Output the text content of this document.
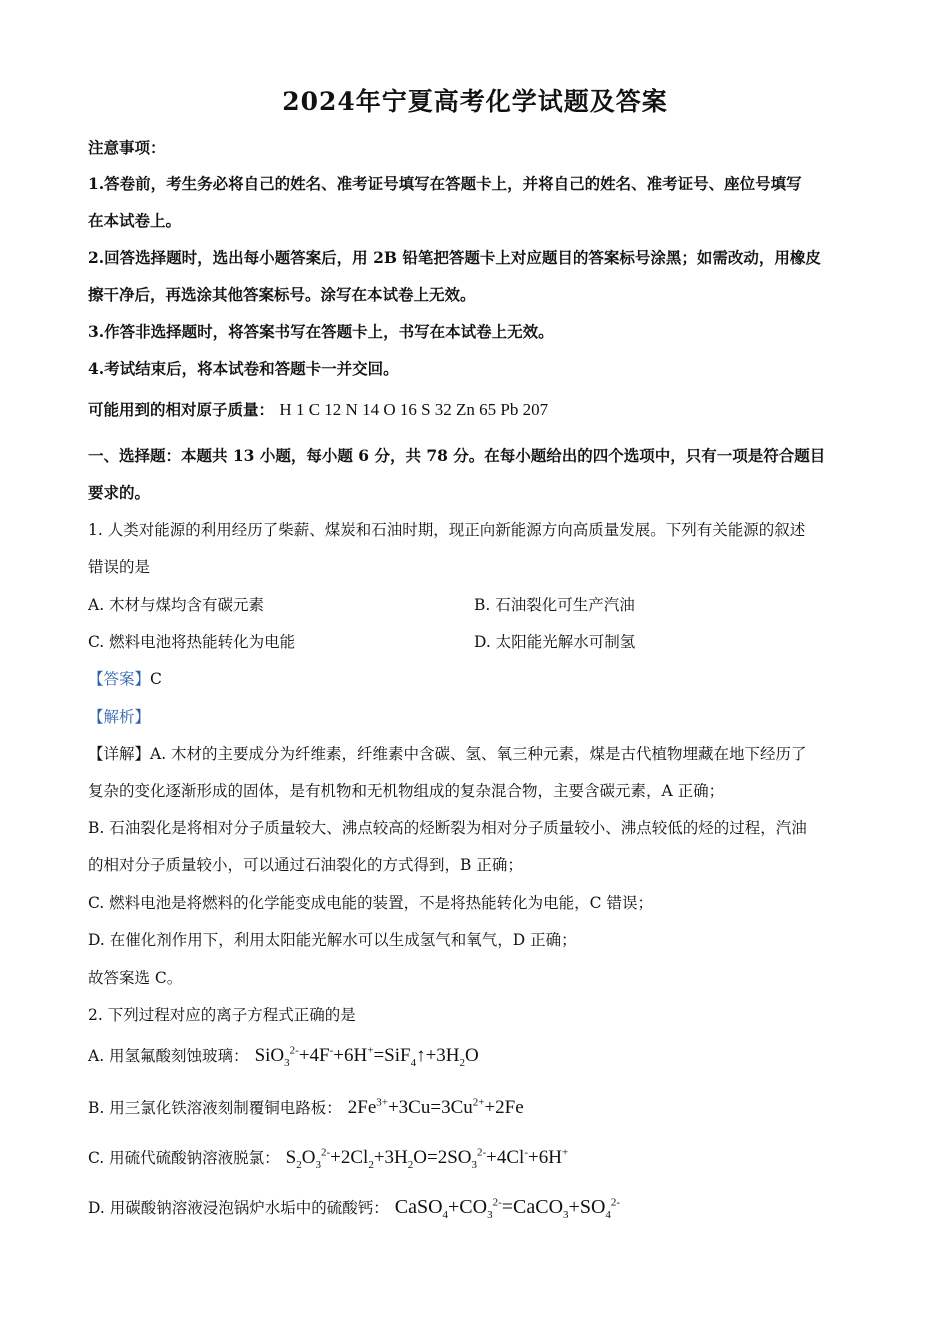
2024年宁夏高考化学试题及答案
注意事项：
1.答卷前，考生务必将自己的姓名、准考证号填写在答题卡上，并将自己的姓名、准考证号、座位号填写
在本试卷上。
2.回答选择题时，选出每小题答案后，用 2B 铅笔把答题卡上对应题目的答案标号涂黑；如需改动，用橡皮
擦干净后，再选涂其他答案标号。涂写在本试卷上无效。
3.作答非选择题时，将答案书写在答题卡上，书写在本试卷上无效。
4.考试结束后，将本试卷和答题卡一并交回。
可能用到的相对原子质量： H 1 C 12 N 14 O 16 S 32 Zn 65 Pb 207
一、选择题：本题共 13 小题，每小题 6 分，共 78 分。在每小题给出的四个选项中，只有一项是符合题目
要求的。
1. 人类对能源的利用经历了柴薪、煤炭和石油时期，现正向新能源方向高质量发展。下列有关能源的叙述
错误的是
A. 木材与煤均含有碳元素	B. 石油裂化可生产汽油
C. 燃料电池将热能转化为电能	D. 太阳能光解水可制氢
【答案】C
【解析】
【详解】A. 木材的主要成分为纤维素，纤维素中含碳、氢、氧三种元素，煤是古代植物埋藏在地下经历了
复杂的变化逐渐形成的固体，是有机物和无机物组成的复杂混合物，主要含碳元素，A 正确；
B. 石油裂化是将相对分子质量较大、沸点较高的烃断裂为相对分子质量较小、沸点较低的烃的过程，汽油
的相对分子质量较小，可以通过石油裂化的方式得到，B 正确；
C. 燃料电池是将燃料的化学能变成电能的装置，不是将热能转化为电能，C 错误；
D. 在催化剂作用下，利用太阳能光解水可以生成氢气和氧气，D 正确；
故答案选 C。
2. 下列过程对应的离子方程式正确的是
A. 用氢氟酸刻蚀玻璃： $SiO_3^{2-}+4F^-+6H^+=SiF_4↑+3H_2O$
B. 用三氯化铁溶液刻制覆铜电路板： $2Fe^{3+}+3Cu=3Cu^{2+}+2Fe$
C. 用硫代硫酸钠溶液脱氯： $S_2O_3^{2-}+2Cl_2+3H_2O=2SO_3^{2-}+4Cl^-+6H^+$
D. 用碳酸钠溶液浸泡锅炉水垢中的硫酸钙： $CaSO_4+CO_3^{2-}=CaCO_3+SO_4^{2-}$
